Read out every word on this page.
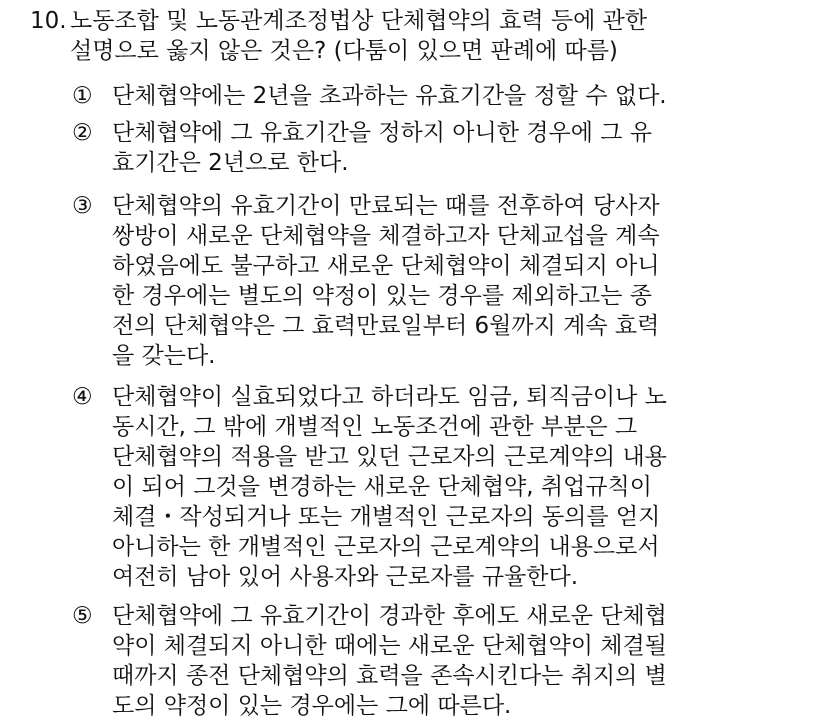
10. 노동조합 및 노동관계조정법상 단체협약의 효력 등에 관한
설명으로 옳지 않은 것은? (다툼이 있으면 판례에 따름)
① 단체협약에는 2년을 초과하는 유효기간을 정할 수 없다.
② 단체협약에 그 유효기간을 정하지 아니한 경우에 그 유
효기간은 2년으로 한다.
③ 단체협약의 유효기간이 만료되는 때를 전후하여 당사자
쌍방이 새로운 단체협약을 체결하고자 단체교섭을 계속
하였음에도 불구하고 새로운 단체협약이 체결되지 아니
한 경우에는 별도의 약정이 있는 경우를 제외하고는 종
전의 단체협약은 그 효력만료일부터 6월까지 계속 효력
을 갖는다.
④ 단체협약이 실효되었다고 하더라도 임금, 퇴직금이나 노
동시간, 그 밖에 개별적인 노동조건에 관한 부분은 그
단체협약의 적용을 받고 있던 근로자의 근로계약의 내용
이 되어 그것을 변경하는 새로운 단체협약, 취업규칙이
체결・작성되거나 또는 개별적인 근로자의 동의를 얻지
아니하는 한 개별적인 근로자의 근로계약의 내용으로서
여전히 남아 있어 사용자와 근로자를 규율한다.
⑤ 단체협약에 그 유효기간이 경과한 후에도 새로운 단체협
약이 체결되지 아니한 때에는 새로운 단체협약이 체결될
때까지 종전 단체협약의 효력을 존속시킨다는 취지의 별
도의 약정이 있는 경우에는 그에 따른다.
